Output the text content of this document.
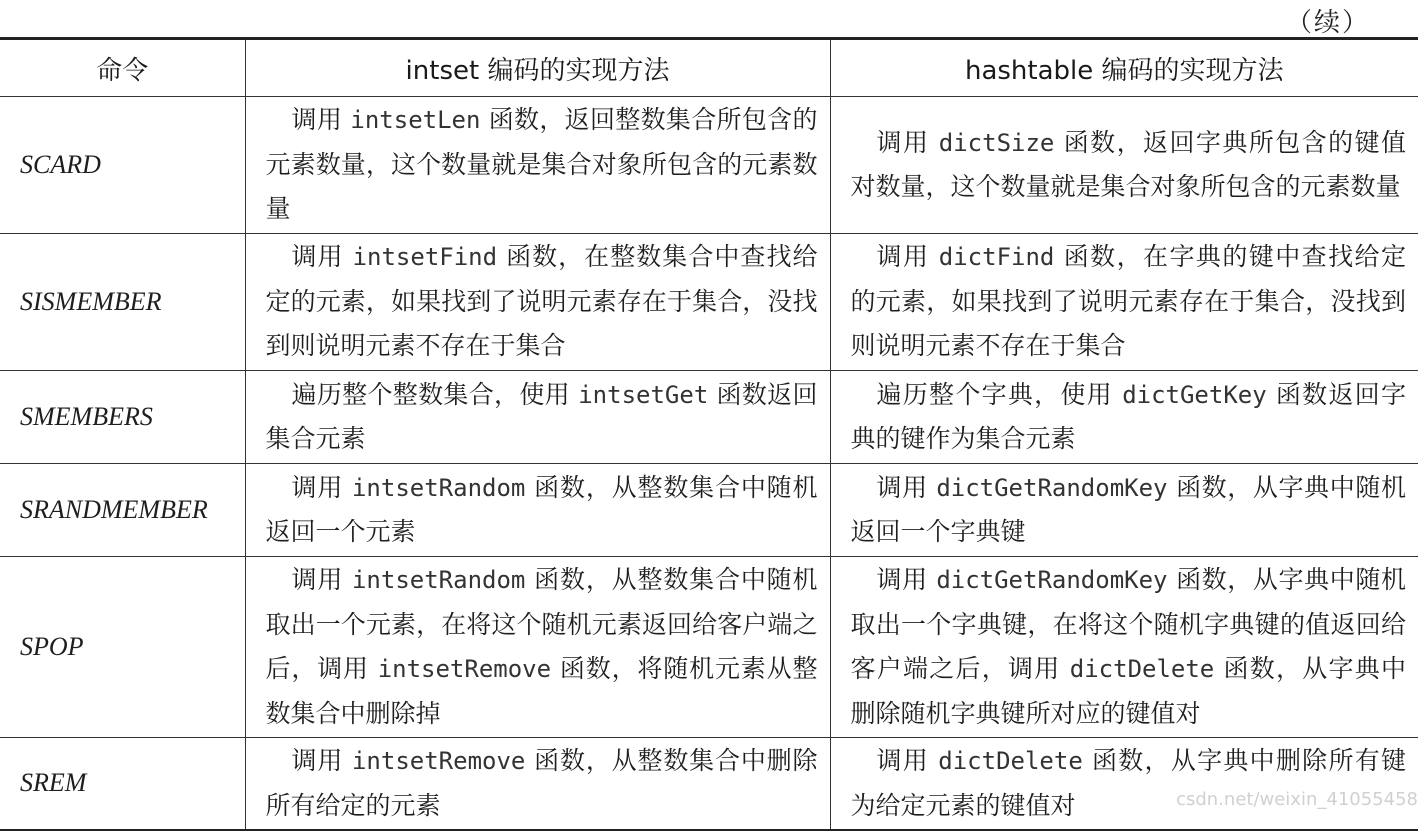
（续）
命令	intset 编码的实现方法	hashtable 编码的实现方法
SCARD	调用 intsetLen 函数，返回整数集合所包含的元素数量，这个数量就是集合对象所包含的元素数量	调用 dictSize 函数，返回字典所包含的键值对数量，这个数量就是集合对象所包含的元素数量
SISMEMBER	调用 intsetFind 函数，在整数集合中查找给定的元素，如果找到了说明元素存在于集合，没找到则说明元素不存在于集合	调用 dictFind 函数，在字典的键中查找给定的元素，如果找到了说明元素存在于集合，没找到则说明元素不存在于集合
SMEMBERS	遍历整个整数集合，使用 intsetGet 函数返回集合元素	遍历整个字典，使用 dictGetKey 函数返回字典的键作为集合元素
SRANDMEMBER	调用 intsetRandom 函数，从整数集合中随机返回一个元素	调用 dictGetRandomKey 函数，从字典中随机返回一个字典键
SPOP	调用 intsetRandom 函数，从整数集合中随机取出一个元素，在将这个随机元素返回给客户端之后，调用 intsetRemove 函数，将随机元素从整数集合中删除掉	调用 dictGetRandomKey 函数，从字典中随机取出一个字典键，在将这个随机字典键的值返回给客户端之后，调用 dictDelete 函数，从字典中删除随机字典键所对应的键值对
SREM	调用 intsetRemove 函数，从整数集合中删除所有给定的元素	调用 dictDelete 函数，从字典中删除所有键为给定元素的键值对	csdn.net/weixin_41055458
